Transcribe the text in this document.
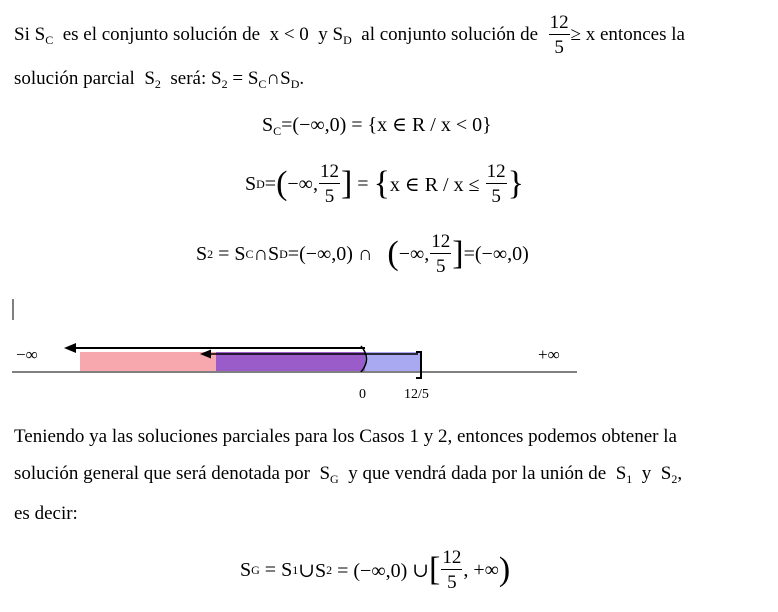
Si
$S_C$
es el conjunto solución de
x < 0
y
$S_D$
al conjunto solución de
$\frac{12}{5} \ge x$ entonces la
solución parcial $S_2$ será: $S_2$ = $S_C\cap S_D$.
$S_C=(-\infty,0) = \{x$ ∈ R / x < 0}
S D = ( −∞, $\frac{12}{5}$ ] = { x ∈ R / x ≤
$\frac{12}{5}$ }
S 2
= S C ∩S D =(−∞,0) ∩
( −∞, $\frac{12}{5}$ ] =(−∞,0)
−∞	+∞
0	12/5
Teniendo ya las soluciones parciales para los Casos 1 y 2, entonces podemos obtener la
solución general que será denotada por $S_G$ y que vendrá dada por la unión de $S_1$ y $S_2$,
es decir:
S G
= S 1 ∪S 2
= (−∞,0) ∪ [ $\frac{12}{5}$ , +∞ )
